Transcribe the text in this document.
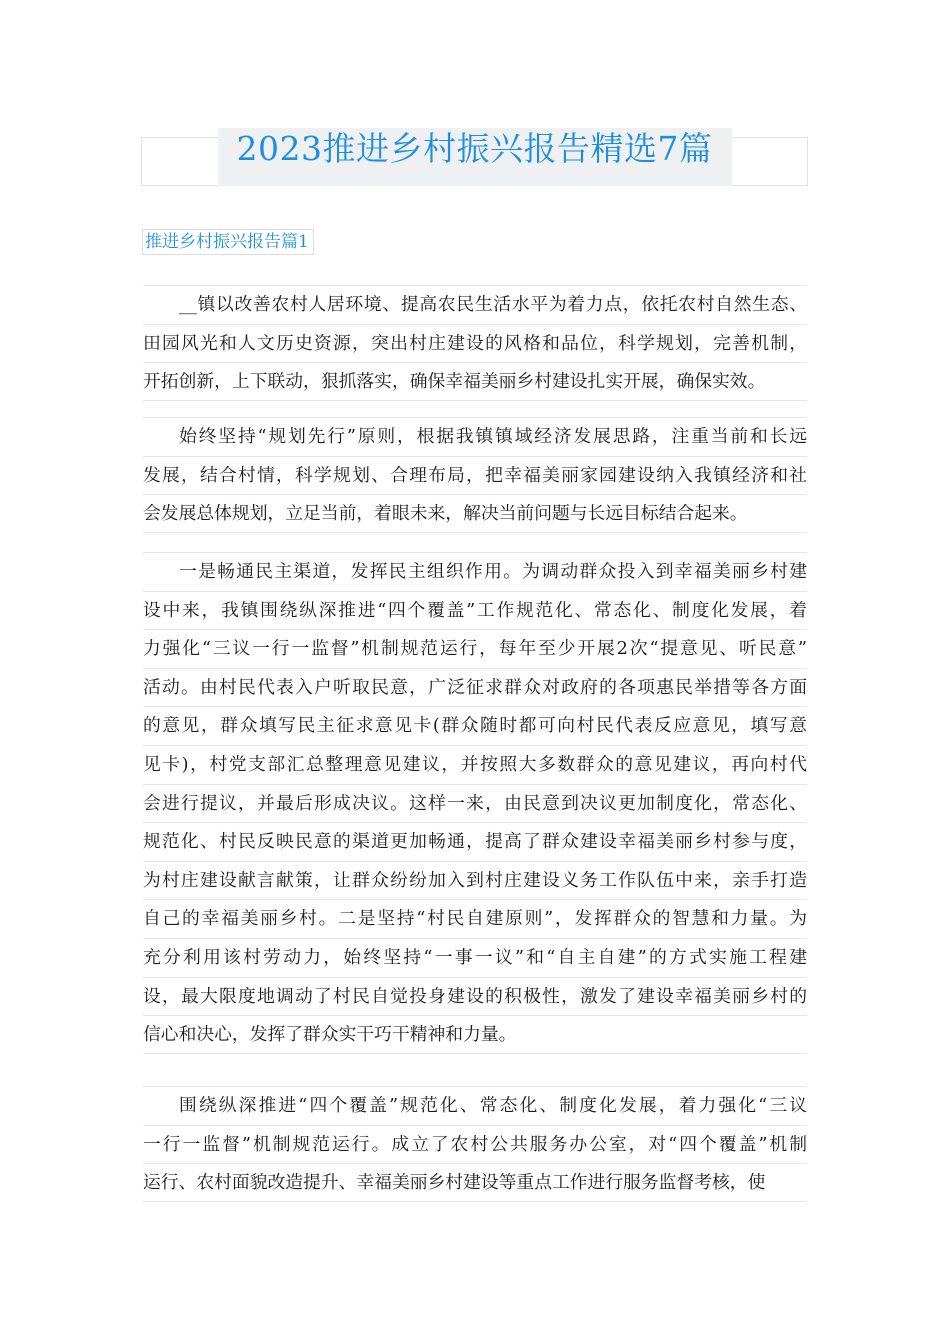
2023推进乡村振兴报告精选7篇
推进乡村振兴报告篇1
__镇以改善农村人居环境、提高农民生活水平为着力点，依托农村自然生态、
田园风光和人文历史资源，突出村庄建设的风格和品位，科学规划，完善机制，
开拓创新，上下联动，狠抓落实，确保幸福美丽乡村建设扎实开展，确保实效。
始终坚持“规划先行”原则，根据我镇镇域经济发展思路，注重当前和长远
发展，结合村情，科学规划、合理布局，把幸福美丽家园建设纳入我镇经济和社
会发展总体规划，立足当前，着眼未来，解决当前问题与长远目标结合起来。
一是畅通民主渠道，发挥民主组织作用。为调动群众投入到幸福美丽乡村建
设中来，我镇围绕纵深推进“四个覆盖”工作规范化、常态化、制度化发展，着
力强化“三议一行一监督”机制规范运行，每年至少开展2次“提意见、听民意”
活动。由村民代表入户听取民意，广泛征求群众对政府的各项惠民举措等各方面
的意见，群众填写民主征求意见卡(群众随时都可向村民代表反应意见，填写意
见卡)，村党支部汇总整理意见建议，并按照大多数群众的意见建议，再向村代
会进行提议，并最后形成决议。这样一来，由民意到决议更加制度化，常态化、
规范化、村民反映民意的渠道更加畅通，提高了群众建设幸福美丽乡村参与度，
为村庄建设献言献策，让群众纷纷加入到村庄建设义务工作队伍中来，亲手打造
自己的幸福美丽乡村。二是坚持“村民自建原则”，发挥群众的智慧和力量。为
充分利用该村劳动力，始终坚持“一事一议”和“自主自建”的方式实施工程建
设，最大限度地调动了村民自觉投身建设的积极性，激发了建设幸福美丽乡村的
信心和决心，发挥了群众实干巧干精神和力量。
围绕纵深推进“四个覆盖”规范化、常态化、制度化发展，着力强化“三议
一行一监督”机制规范运行。成立了农村公共服务办公室，对“四个覆盖”机制
运行、农村面貌改造提升、幸福美丽乡村建设等重点工作进行服务监督考核，使
